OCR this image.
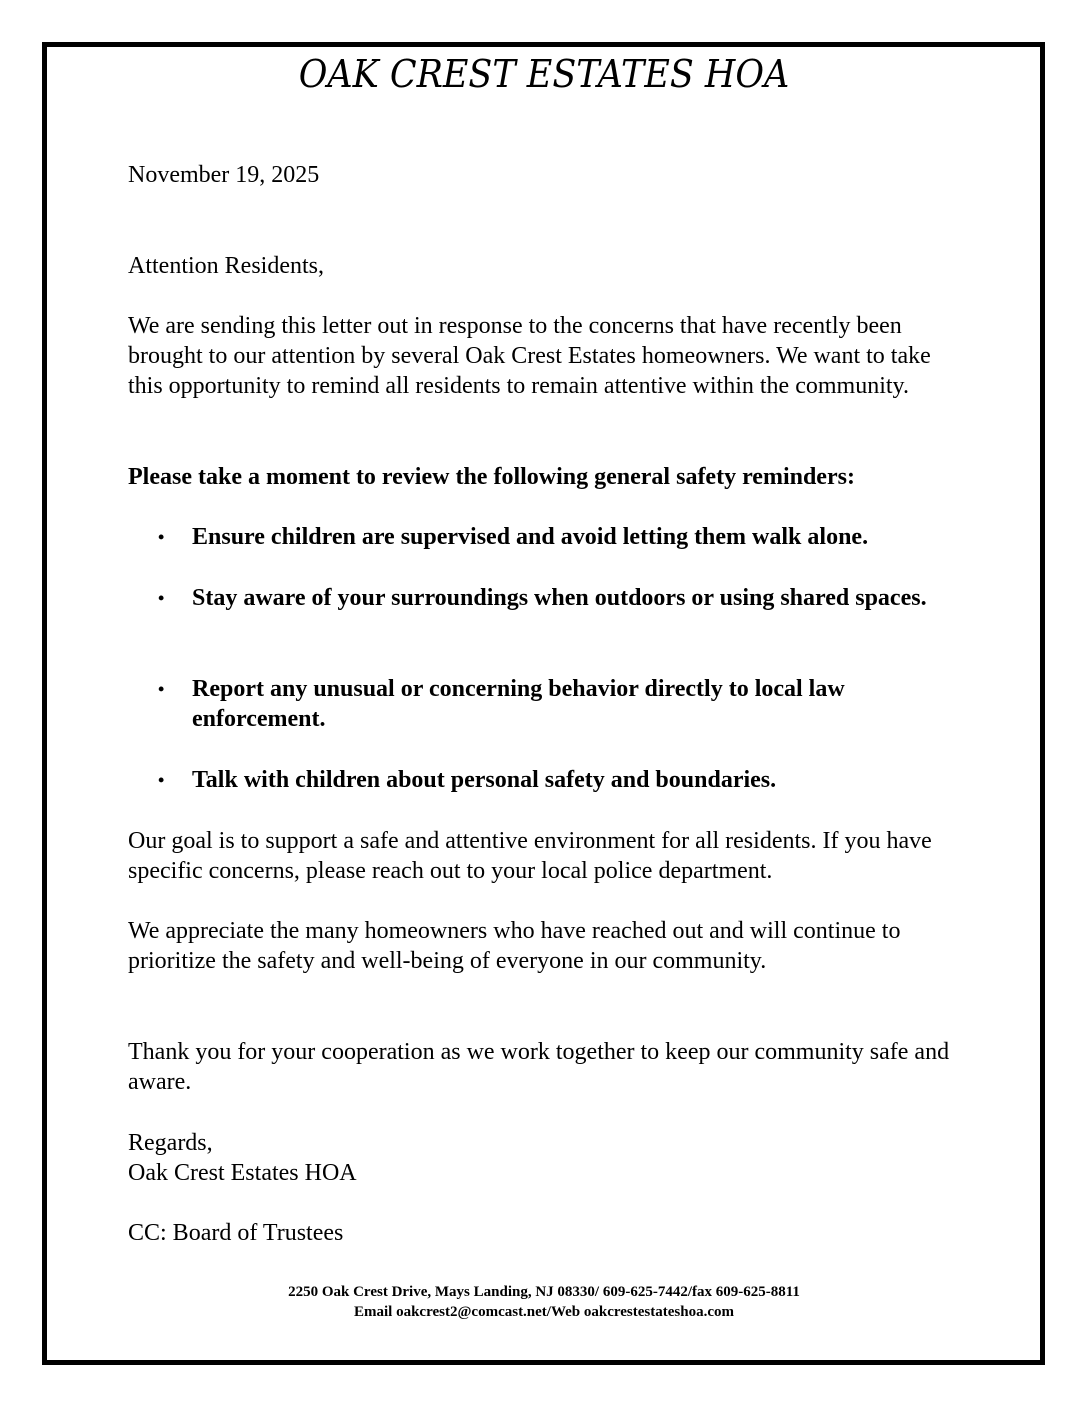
OAK CREST ESTATES HOA
November 19, 2025
Attention Residents,
We are sending this letter out in response to the concerns that have recently been brought to our attention by several Oak Crest Estates homeowners. We want to take this opportunity to remind all residents to remain attentive within the community.
Please take a moment to review the following general safety reminders:
• Ensure children are supervised and avoid letting them walk alone.
• Stay aware of your surroundings when outdoors or using shared spaces.
• Report any unusual or concerning behavior directly to local law enforcement.
• Talk with children about personal safety and boundaries.
Our goal is to support a safe and attentive environment for all residents. If you have specific concerns, please reach out to your local police department.
We appreciate the many homeowners who have reached out and will continue to prioritize the safety and well-being of everyone in our community.
Thank you for your cooperation as we work together to keep our community safe and aware.
Regards,
Oak Crest Estates HOA
CC: Board of Trustees
2250 Oak Crest Drive, Mays Landing, NJ 08330/ 609-625-7442/fax 609-625-8811
Email oakcrest2@comcast.net/Web oakcrestestateshoa.com
